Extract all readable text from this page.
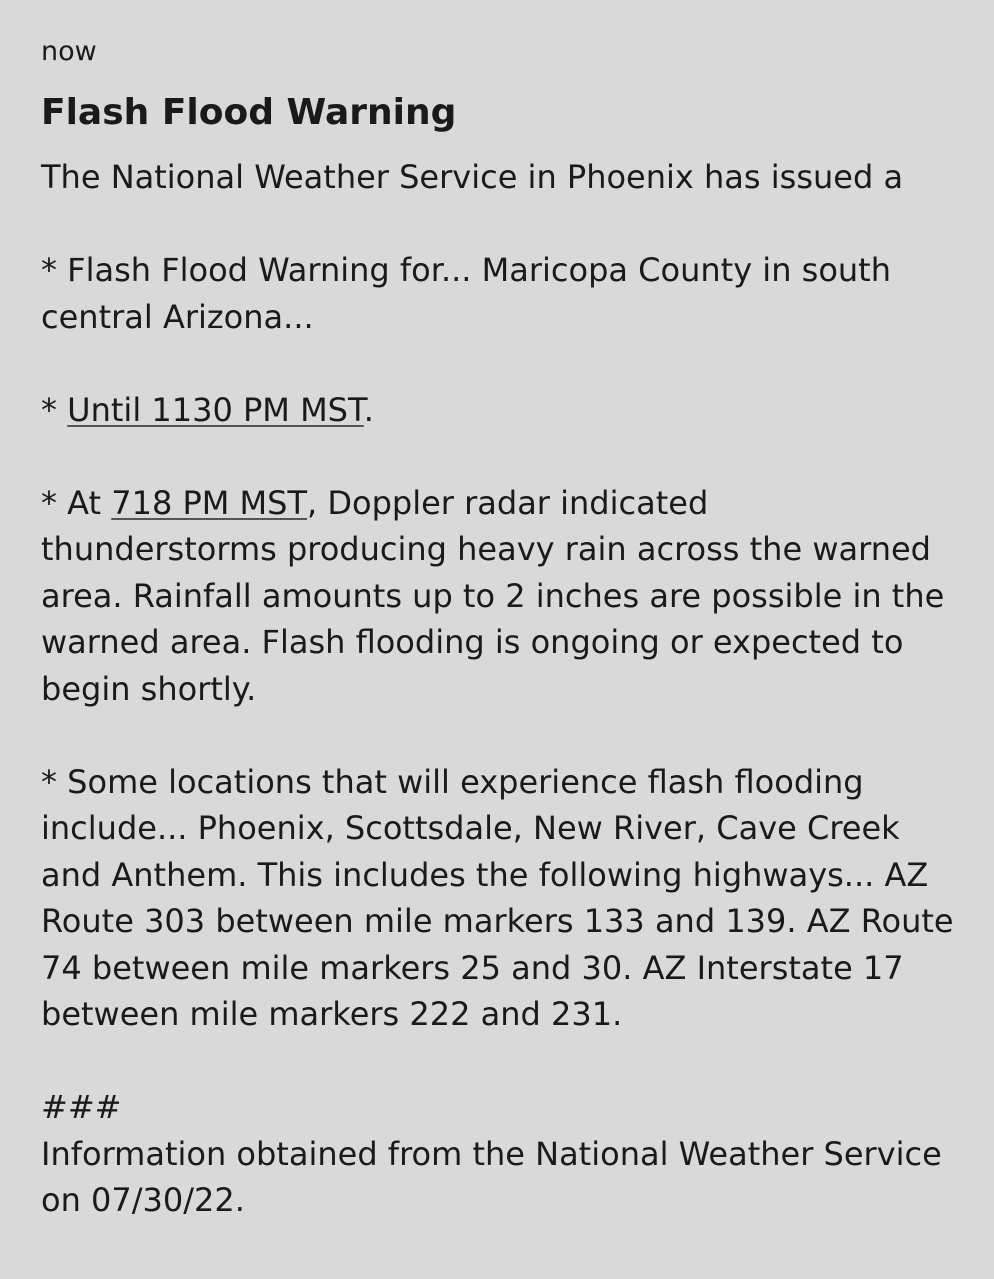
now
Flash Flood Warning
The National Weather Service in Phoenix has issued a
* Flash Flood Warning for... Maricopa County in south central Arizona...
* Until 1130 PM MST.
* At 718 PM MST, Doppler radar indicated thunderstorms producing heavy rain across the warned area. Rainfall amounts up to 2 inches are possible in the warned area. Flash flooding is ongoing or expected to begin shortly.
* Some locations that will experience flash flooding include... Phoenix, Scottsdale, New River, Cave Creek and Anthem. This includes the following highways... AZ Route 303 between mile markers 133 and 139. AZ Route 74 between mile markers 25 and 30. AZ Interstate 17 between mile markers 222 and 231.
###
Information obtained from the National Weather Service on 07/30/22.
